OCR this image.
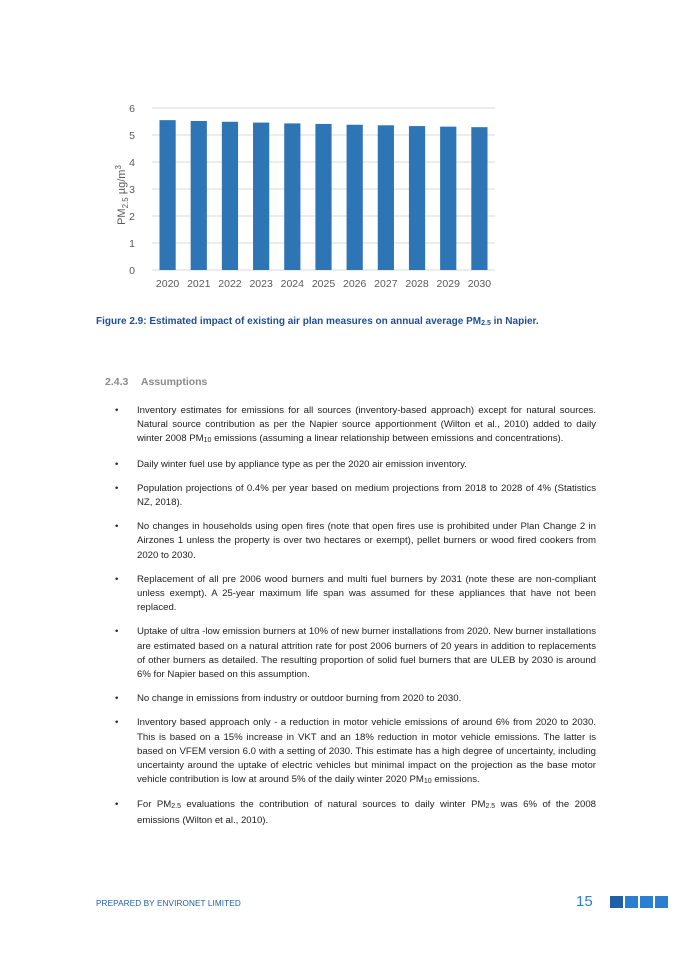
0
1
2
3
4
5
6
2020 2021 2022 2023 2024 2025 2026 2027 2028 2029 2030
$PM_{2.5}$ $\mu g/m^3$
Figure 2.9: Estimated impact of existing air plan measures on annual average $PM_{2.5}$ in Napier.
2.4.3 Assumptions
• Inventory estimates for emissions for all sources (inventory-based approach) except for natural sources. Natural source contribution as per the Napier source apportionment (Wilton et al., 2010) added to daily winter 2008 $PM_{10}$ emissions (assuming a linear relationship between emissions and concentrations).
• Daily winter fuel use by appliance type as per the 2020 air emission inventory.
• Population projections of 0.4% per year based on medium projections from 2018 to 2028 of 4% (Statistics NZ, 2018).
• No changes in households using open fires (note that open fires use is prohibited under Plan Change 2 in Airzones 1 unless the property is over two hectares or exempt), pellet burners or wood fired cookers from 2020 to 2030.
• Replacement of all pre 2006 wood burners and multi fuel burners by 2031 (note these are non-compliant unless exempt). A 25-year maximum life span was assumed for these appliances that have not been replaced.
• Uptake of ultra -low emission burners at 10% of new burner installations from 2020. New burner installations are estimated based on a natural attrition rate for post 2006 burners of 20 years in addition to replacements of other burners as detailed. The resulting proportion of solid fuel burners that are ULEB by 2030 is around 6% for Napier based on this assumption.
• No change in emissions from industry or outdoor burning from 2020 to 2030.
• Inventory based approach only - a reduction in motor vehicle emissions of around 6% from 2020 to 2030. This is based on a 15% increase in VKT and an 18% reduction in motor vehicle emissions. The latter is based on VFEM version 6.0 with a setting of 2030. This estimate has a high degree of uncertainty, including uncertainty around the uptake of electric vehicles but minimal impact on the projection as the base motor vehicle contribution is low at around 5% of the daily winter 2020 $PM_{10}$ emissions.
• For $PM_{2.5}$ evaluations the contribution of natural sources to daily winter $PM_{2.5}$ was 6% of the 2008 emissions (Wilton et al., 2010).
PREPARED BY ENVIRONET LIMITED	15
